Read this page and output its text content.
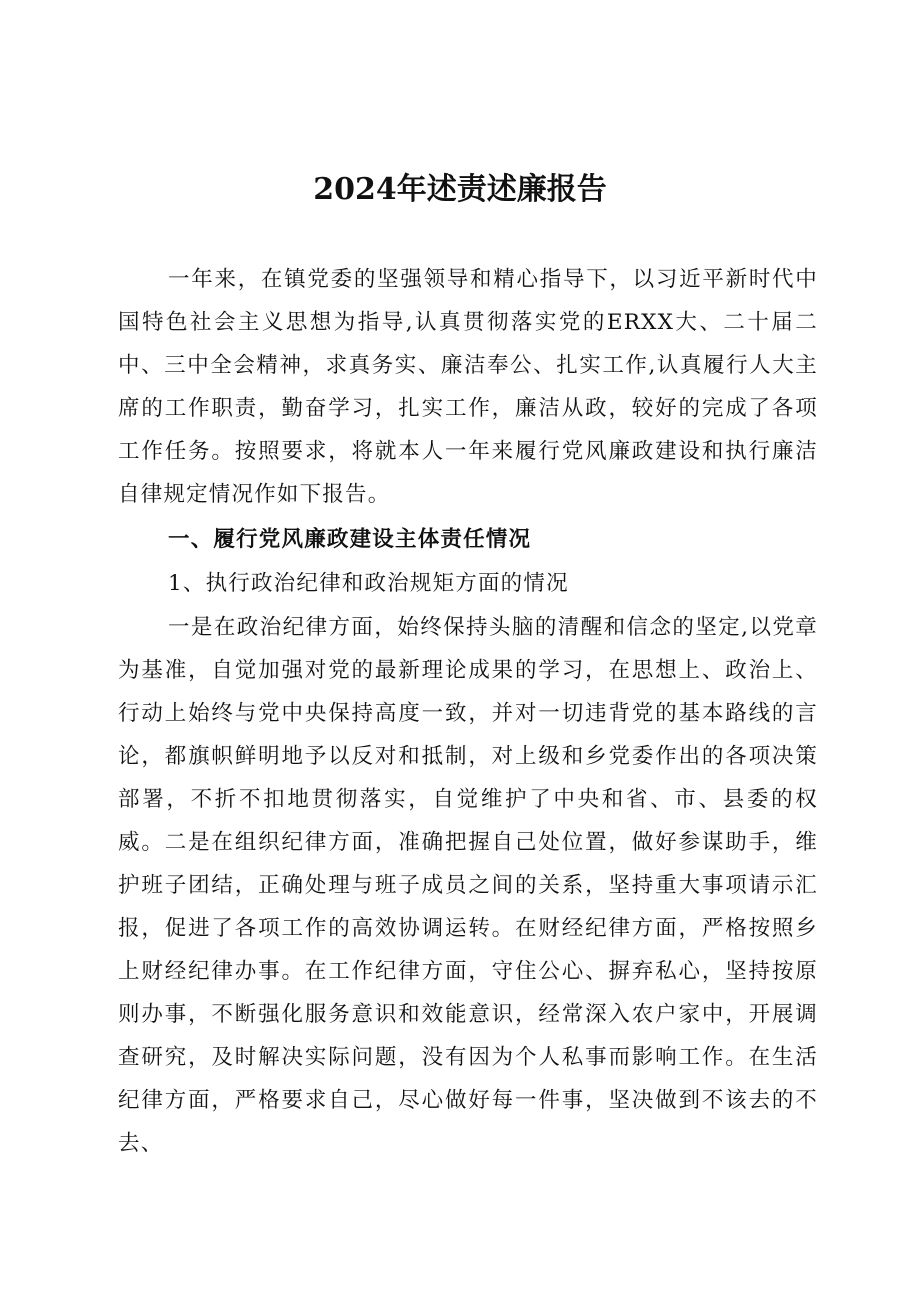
2024年述责述廉报告

一年来，在镇党委的坚强领导和精心指导下，以习近平新时代中国特色社会主义思想为指导,认真贯彻落实党的ERXX大、二十届二中、三中全会精神，求真务实、廉洁奉公、扎实工作,认真履行人大主席的工作职责，勤奋学习，扎实工作，廉洁从政，较好的完成了各项工作任务。按照要求，将就本人一年来履行党风廉政建设和执行廉洁自律规定情况作如下报告。

一、履行党风廉政建设主体责任情况

1、执行政治纪律和政治规矩方面的情况

一是在政治纪律方面，始终保持头脑的清醒和信念的坚定,以党章为基准，自觉加强对党的最新理论成果的学习，在思想上、政治上、行动上始终与党中央保持高度一致，并对一切违背党的基本路线的言论，都旗帜鲜明地予以反对和抵制，对上级和乡党委作出的各项决策部署，不折不扣地贯彻落实，自觉维护了中央和省、市、县委的权威。二是在组织纪律方面，准确把握自己处位置，做好参谋助手，维护班子团结，正确处理与班子成员之间的关系，坚持重大事项请示汇报，促进了各项工作的高效协调运转。在财经纪律方面，严格按照乡上财经纪律办事。在工作纪律方面，守住公心、摒弃私心，坚持按原则办事，不断强化服务意识和效能意识，经常深入农户家中，开展调查研究，及时解决实际问题，没有因为个人私事而影响工作。在生活纪律方面，严格要求自己，尽心做好每一件事，坚决做到不该去的不去、
